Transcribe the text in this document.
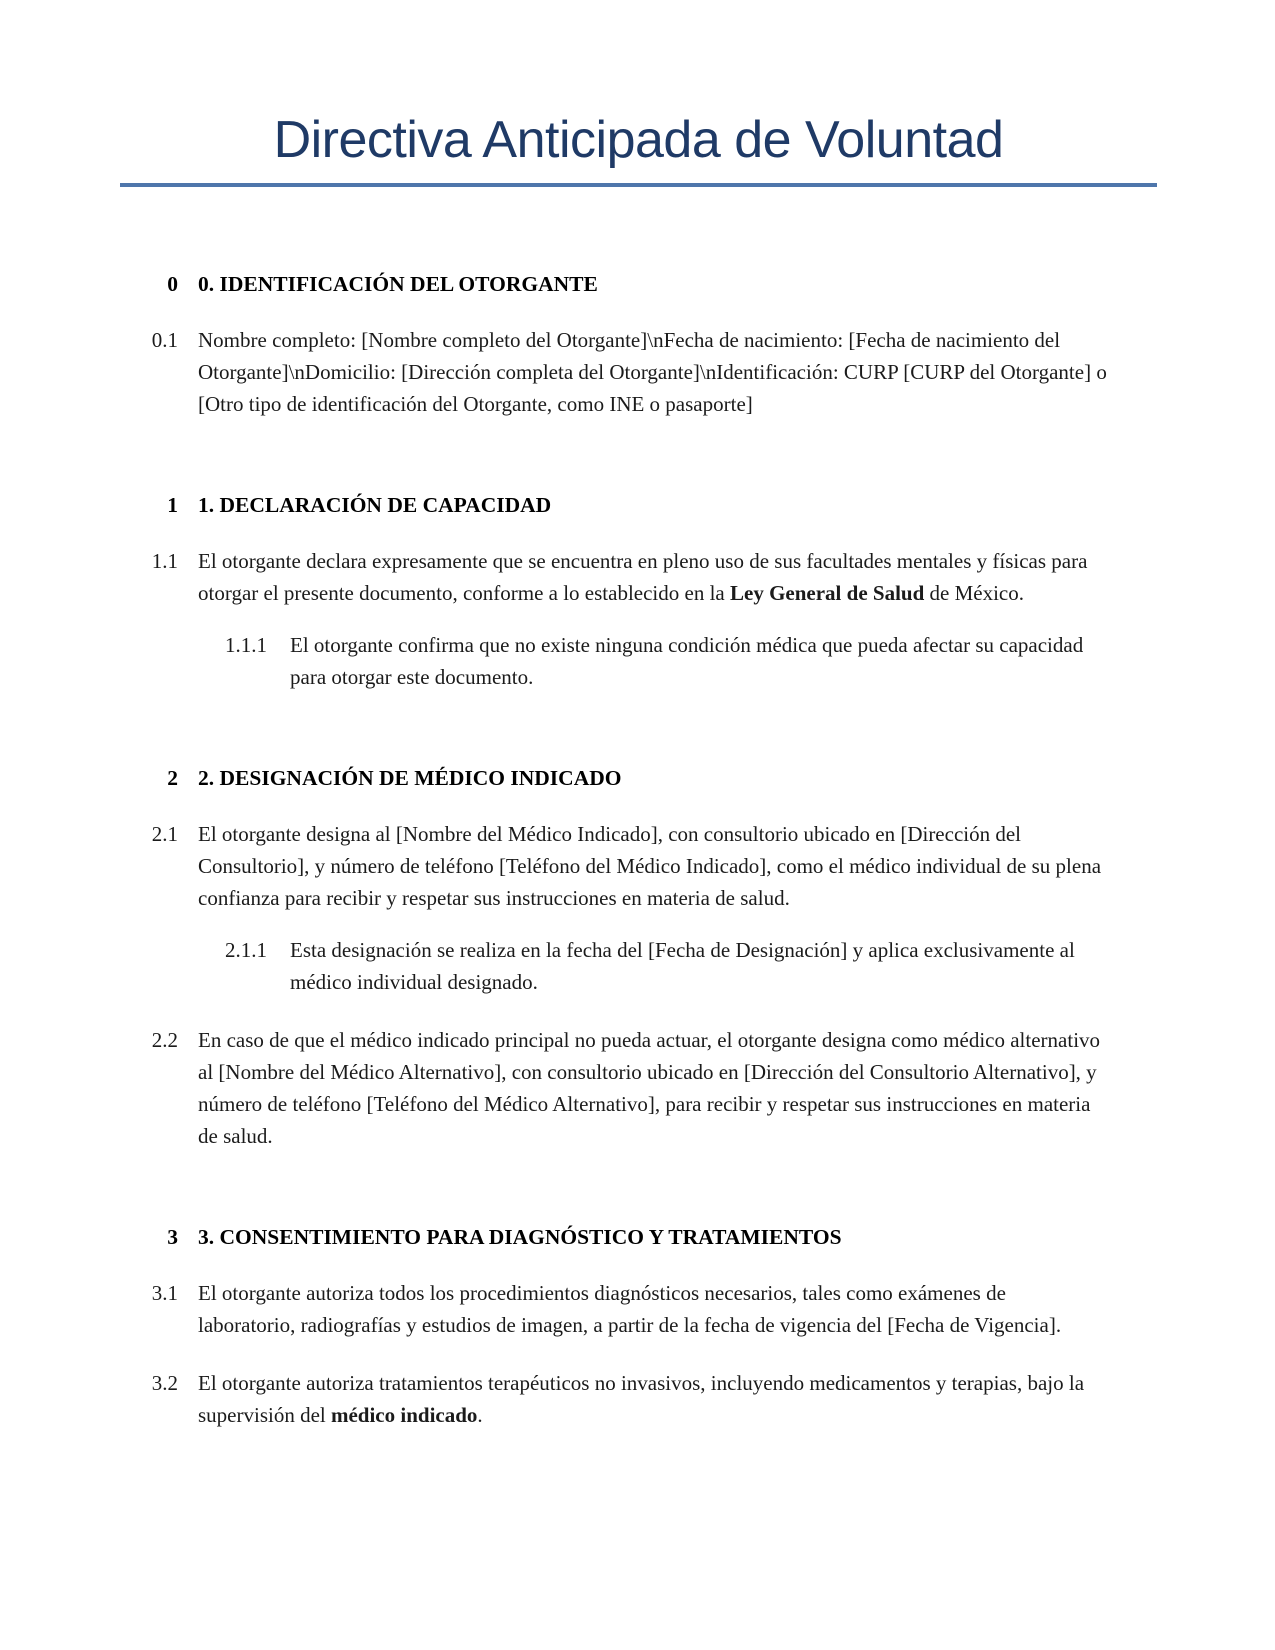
Directiva Anticipada de Voluntad
0 0. IDENTIFICACIÓN DEL OTORGANTE
0.1 Nombre completo: [Nombre completo del Otorgante]\nFecha de nacimiento: [Fecha de nacimiento del Otorgante]\nDomicilio: [Dirección completa del Otorgante]\nIdentificación: CURP [CURP del Otorgante] o [Otro tipo de identificación del Otorgante, como INE o pasaporte]

1 1. DECLARACIÓN DE CAPACIDAD
1.1 El otorgante declara expresamente que se encuentra en pleno uso de sus facultades mentales y físicas para otorgar el presente documento, conforme a lo establecido en la Ley General de Salud de México.

1.1.1 El otorgante confirma que no existe ninguna condición médica que pueda afectar su capacidad para otorgar este documento.

2 2. DESIGNACIÓN DE MÉDICO INDICADO
2.1 El otorgante designa al [Nombre del Médico Indicado], con consultorio ubicado en [Dirección del Consultorio], y número de teléfono [Teléfono del Médico Indicado], como el médico individual de su plena confianza para recibir y respetar sus instrucciones en materia de salud.

2.1.1 Esta designación se realiza en la fecha del [Fecha de Designación] y aplica exclusivamente al médico individual designado.

2.2 En caso de que el médico indicado principal no pueda actuar, el otorgante designa como médico alternativo al [Nombre del Médico Alternativo], con consultorio ubicado en [Dirección del Consultorio Alternativo], y número de teléfono [Teléfono del Médico Alternativo], para recibir y respetar sus instrucciones en materia de salud.

3 3. CONSENTIMIENTO PARA DIAGNÓSTICO Y TRATAMIENTOS
3.1 El otorgante autoriza todos los procedimientos diagnósticos necesarios, tales como exámenes de laboratorio, radiografías y estudios de imagen, a partir de la fecha de vigencia del [Fecha de Vigencia].

3.2 El otorgante autoriza tratamientos terapéuticos no invasivos, incluyendo medicamentos y terapias, bajo la supervisión del médico indicado.
